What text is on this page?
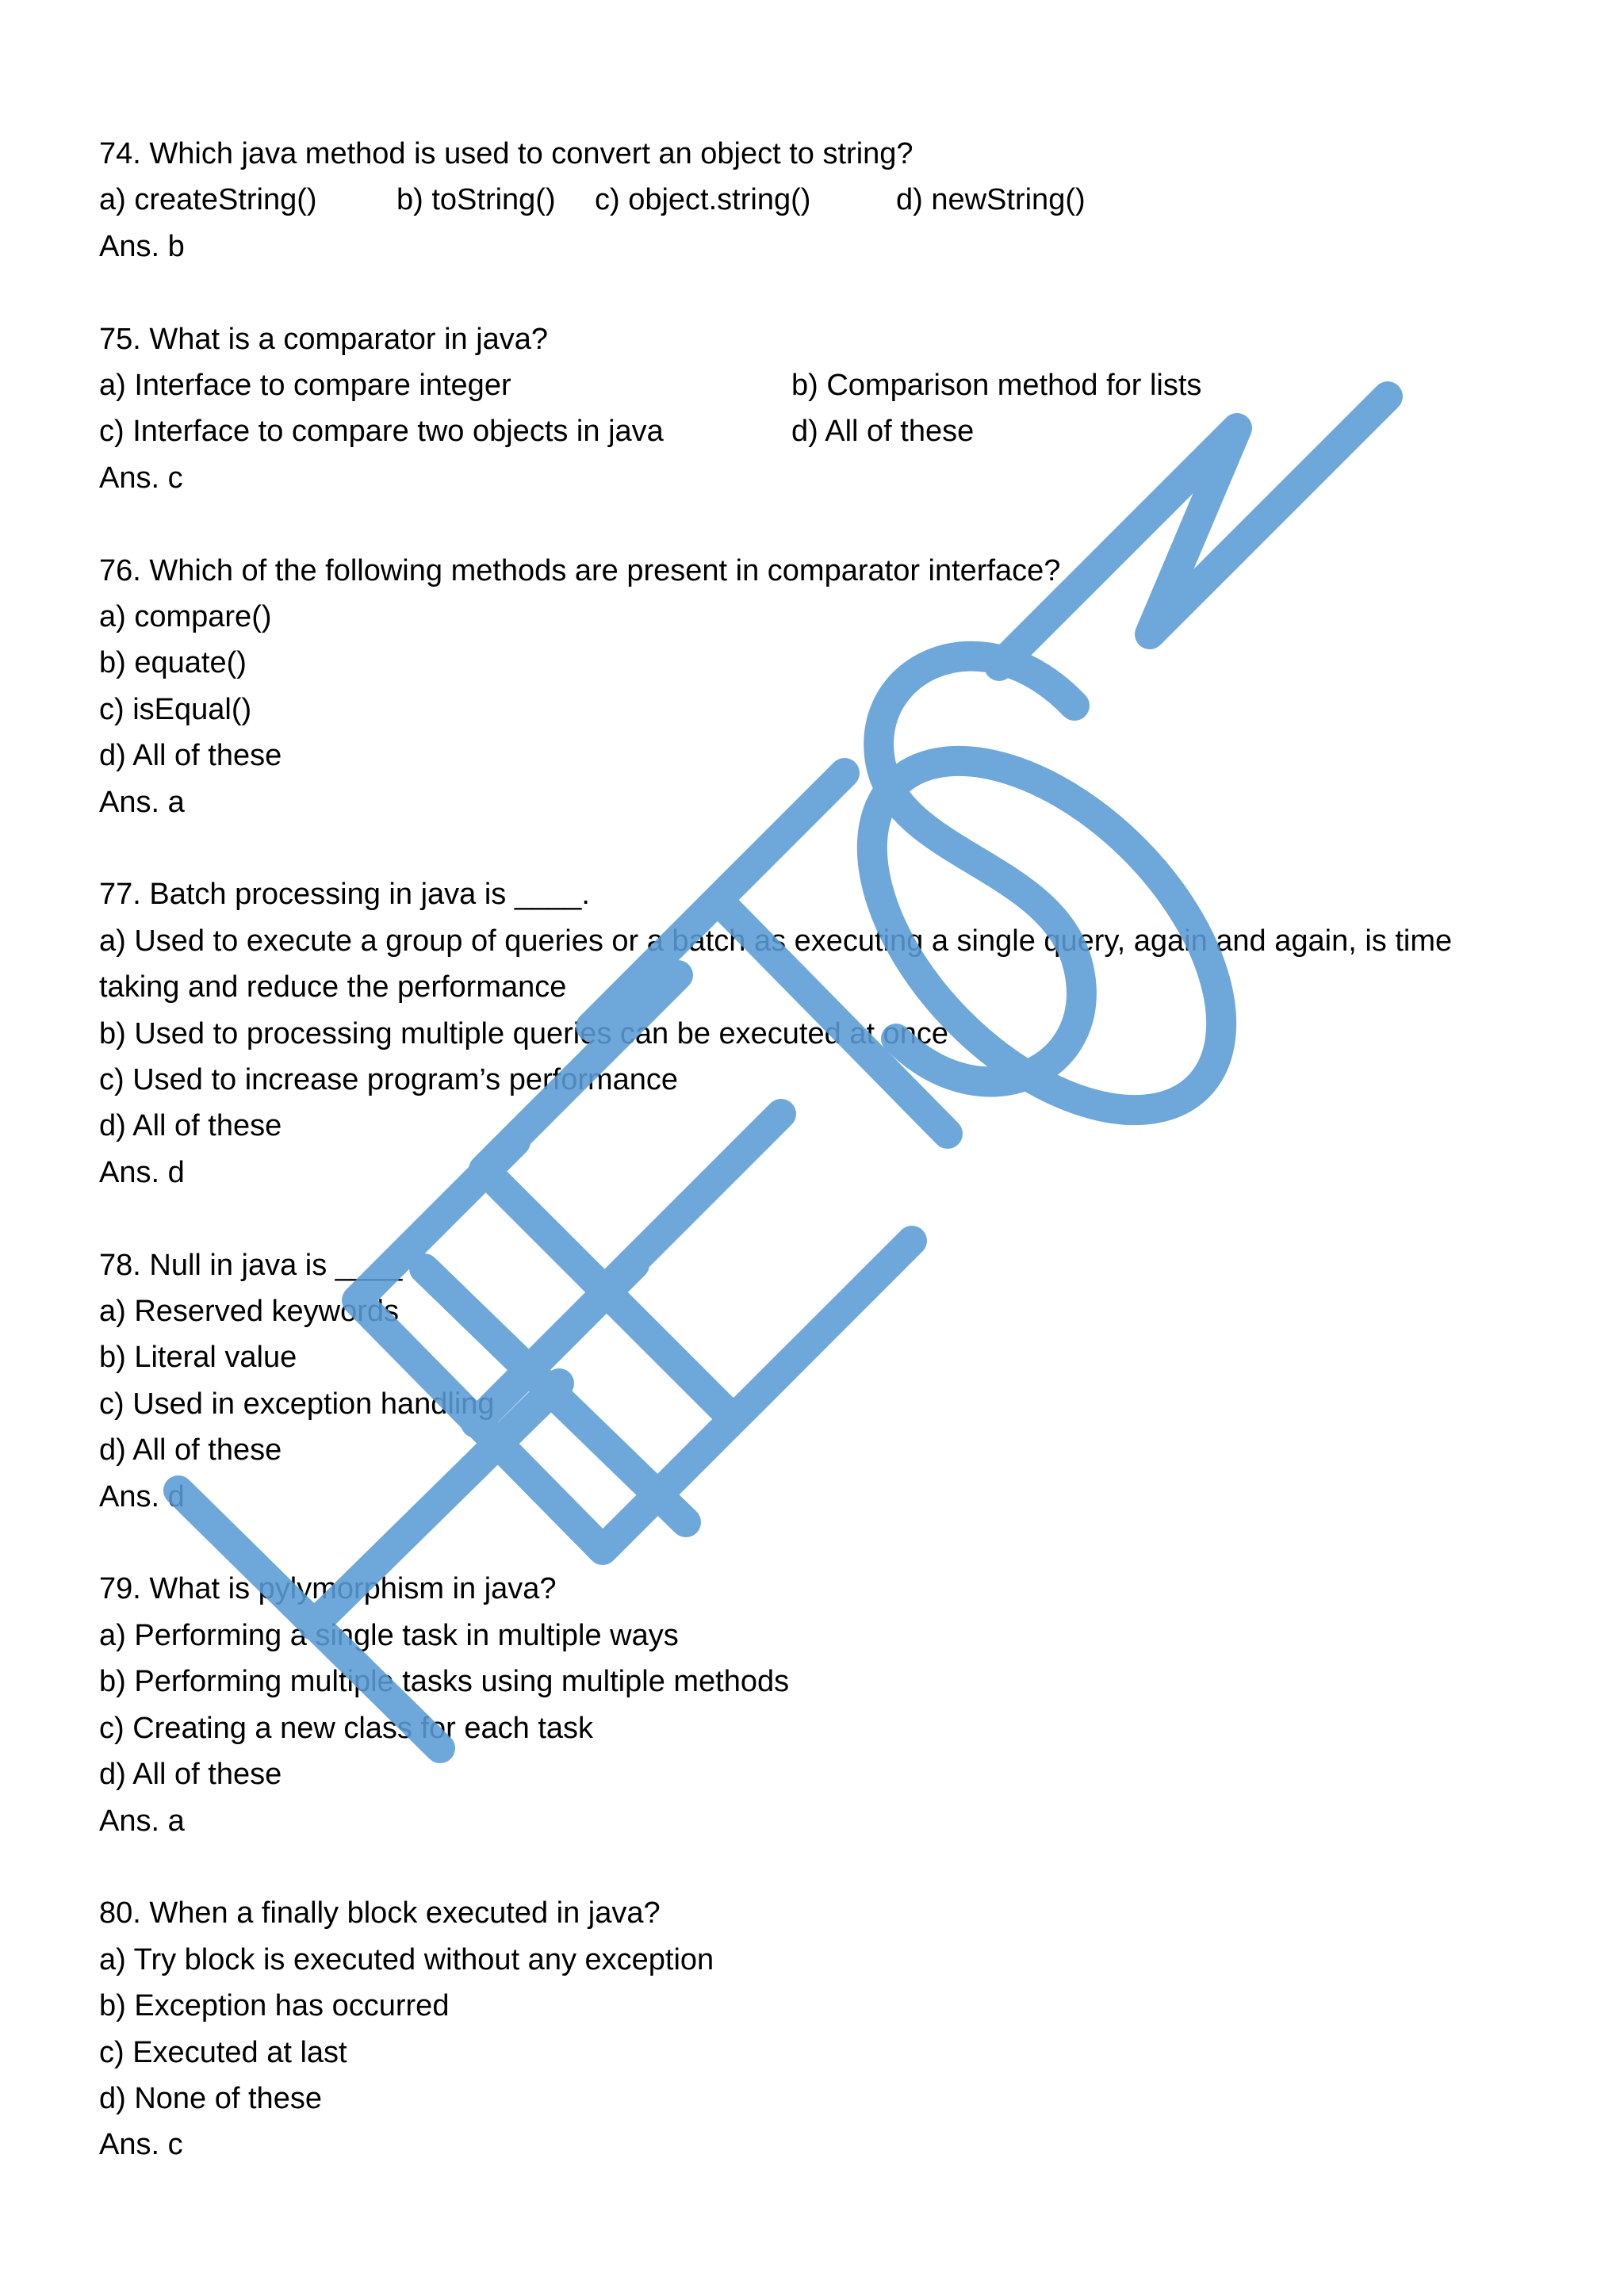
74. Which java method is used to convert an object to string?
a) createString()	b) toString() c) object.string()	d) newString()
Ans. b
75. What is a comparator in java?
a) Interface to compare integer	b) Comparison method for lists
c) Interface to compare two objects in java	d) All of these
Ans. c
76. Which of the following methods are present in comparator interface?
a) compare()
b) equate()
c) isEqual()
d) All of these
Ans. a
77. Batch processing in java is ____.
a) Used to execute a group of queries or a batch as executing a single query, again and again, is time taking and reduce the performance
b) Used to processing multiple queries can be executed at once
c) Used to increase program’s performance
d) All of these
Ans. d
78. Null in java is ____
a) Reserved keywords
b) Literal value
c) Used in exception handling
d) All of these
Ans. d
79. What is pylymorphism in java?
a) Performing a single task in multiple ways
b) Performing multiple tasks using multiple methods
c) Creating a new class for each task
d) All of these
Ans. a
80. When a finally block executed in java?
a) Try block is executed without any exception
b) Exception has occurred
c) Executed at last
d) None of these
Ans. c
